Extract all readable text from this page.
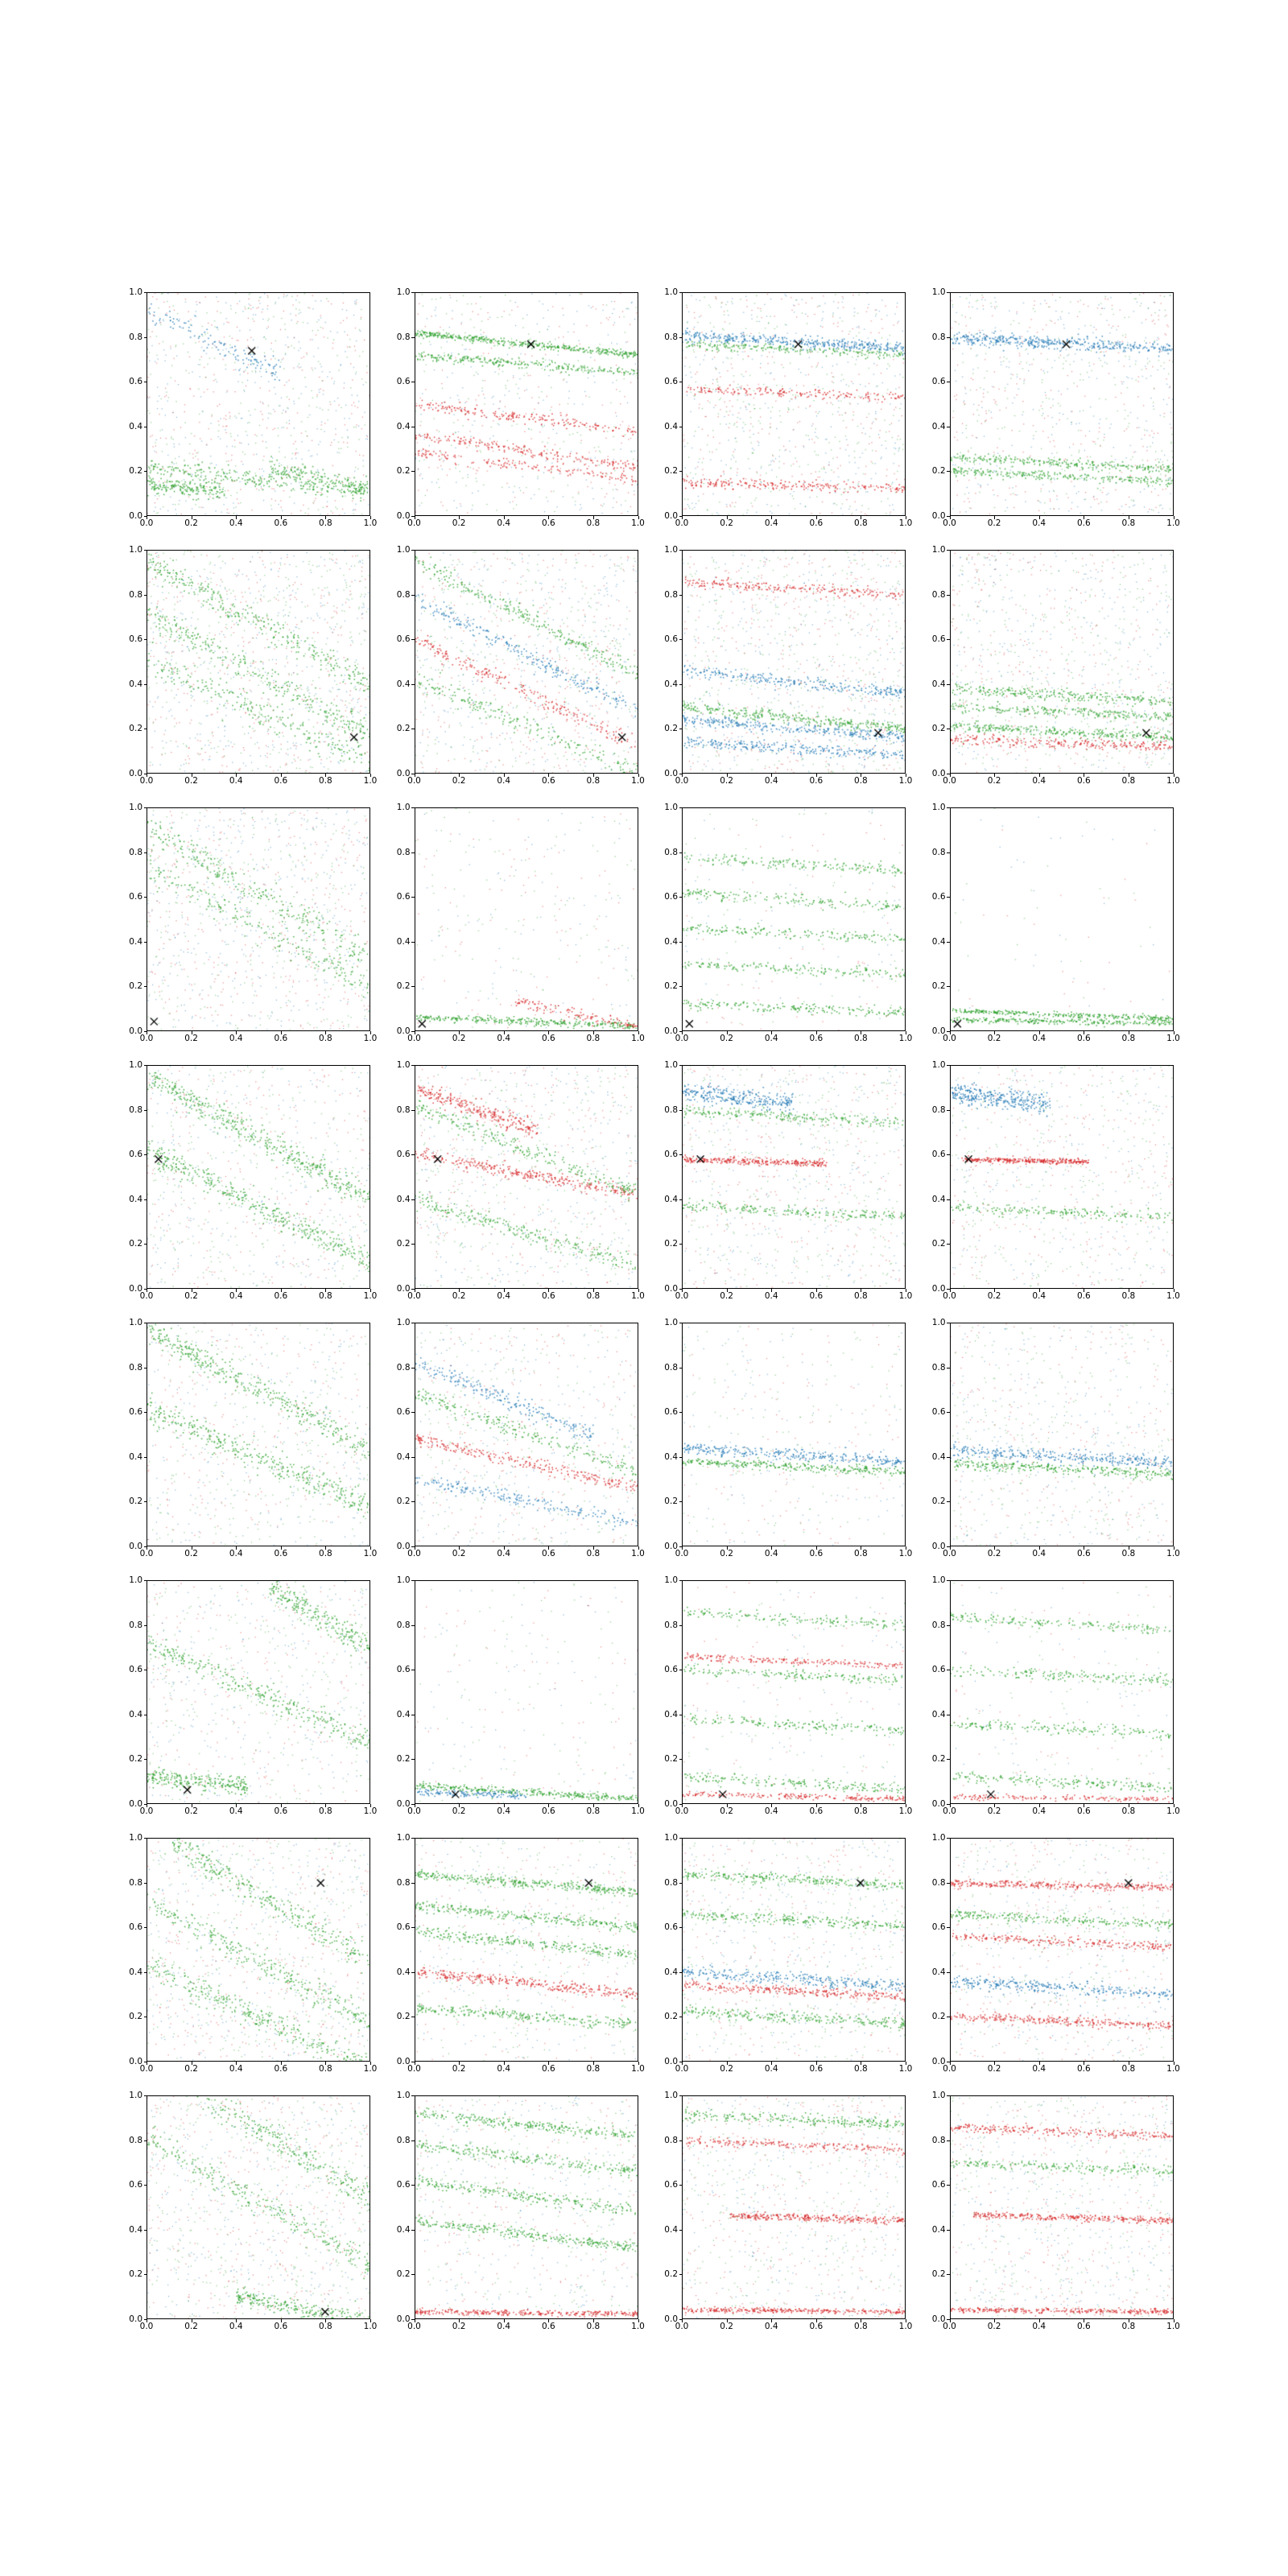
0.0	0.2	0.4	0.6	0.8	1.0
0.0
0.2
0.4
0.6
0.8
1.0
0.0	0.2	0.4	0.6	0.8	1.0
0.0
0.2
0.4
0.6
0.8
1.0
0.0	0.2	0.4	0.6	0.8	1.0
0.0
0.2
0.4
0.6
0.8
1.0
0.0	0.2	0.4	0.6	0.8	1.0
0.0
0.2
0.4
0.6
0.8
1.0
0.0	0.2	0.4	0.6	0.8	1.0
0.0
0.2
0.4
0.6
0.8
1.0
0.0	0.2	0.4	0.6	0.8	1.0
0.0
0.2
0.4
0.6
0.8
1.0
0.0	0.2	0.4	0.6	0.8	1.0
0.0
0.2
0.4
0.6
0.8
1.0
0.0	0.2	0.4	0.6	0.8	1.0
0.0
0.2
0.4
0.6
0.8
1.0
0.0	0.2	0.4	0.6	0.8	1.0
0.0
0.2
0.4
0.6
0.8
1.0
0.0	0.2	0.4	0.6	0.8	1.0
0.0
0.2
0.4
0.6
0.8
1.0
0.0	0.2	0.4	0.6	0.8	1.0
0.0
0.2
0.4
0.6
0.8
1.0
0.0	0.2	0.4	0.6	0.8	1.0
0.0
0.2
0.4
0.6
0.8
1.0
0.0	0.2	0.4	0.6	0.8	1.0
0.0
0.2
0.4
0.6
0.8
1.0
0.0	0.2	0.4	0.6	0.8	1.0
0.0
0.2
0.4
0.6
0.8
1.0
0.0	0.2	0.4	0.6	0.8	1.0
0.0
0.2
0.4
0.6
0.8
1.0
0.0	0.2	0.4	0.6	0.8	1.0
0.0
0.2
0.4
0.6
0.8
1.0
0.0	0.2	0.4	0.6	0.8	1.0
0.0
0.2
0.4
0.6
0.8
1.0
0.0	0.2	0.4	0.6	0.8	1.0
0.0
0.2
0.4
0.6
0.8
1.0
0.0	0.2	0.4	0.6	0.8	1.0
0.0
0.2
0.4
0.6
0.8
1.0
0.0	0.2	0.4	0.6	0.8	1.0
0.0
0.2
0.4
0.6
0.8
1.0
0.0	0.2	0.4	0.6	0.8	1.0
0.0
0.2
0.4
0.6
0.8
1.0
0.0	0.2	0.4	0.6	0.8	1.0
0.0
0.2
0.4
0.6
0.8
1.0
0.0	0.2	0.4	0.6	0.8	1.0
0.0
0.2
0.4
0.6
0.8
1.0
0.0	0.2	0.4	0.6	0.8	1.0
0.0
0.2
0.4
0.6
0.8
1.0
0.0	0.2	0.4	0.6	0.8	1.0
0.0
0.2
0.4
0.6
0.8
1.0
0.0	0.2	0.4	0.6	0.8	1.0
0.0
0.2
0.4
0.6
0.8
1.0
0.0	0.2	0.4	0.6	0.8	1.0
0.0
0.2
0.4
0.6
0.8
1.0
0.0	0.2	0.4	0.6	0.8	1.0
0.0
0.2
0.4
0.6
0.8
1.0
0.0	0.2	0.4	0.6	0.8	1.0
0.0
0.2
0.4
0.6
0.8
1.0
0.0	0.2	0.4	0.6	0.8	1.0
0.0
0.2
0.4
0.6
0.8
1.0
0.0	0.2	0.4	0.6	0.8	1.0
0.0
0.2
0.4
0.6
0.8
1.0
0.0	0.2	0.4	0.6	0.8	1.0
0.0
0.2
0.4
0.6
0.8
1.0
